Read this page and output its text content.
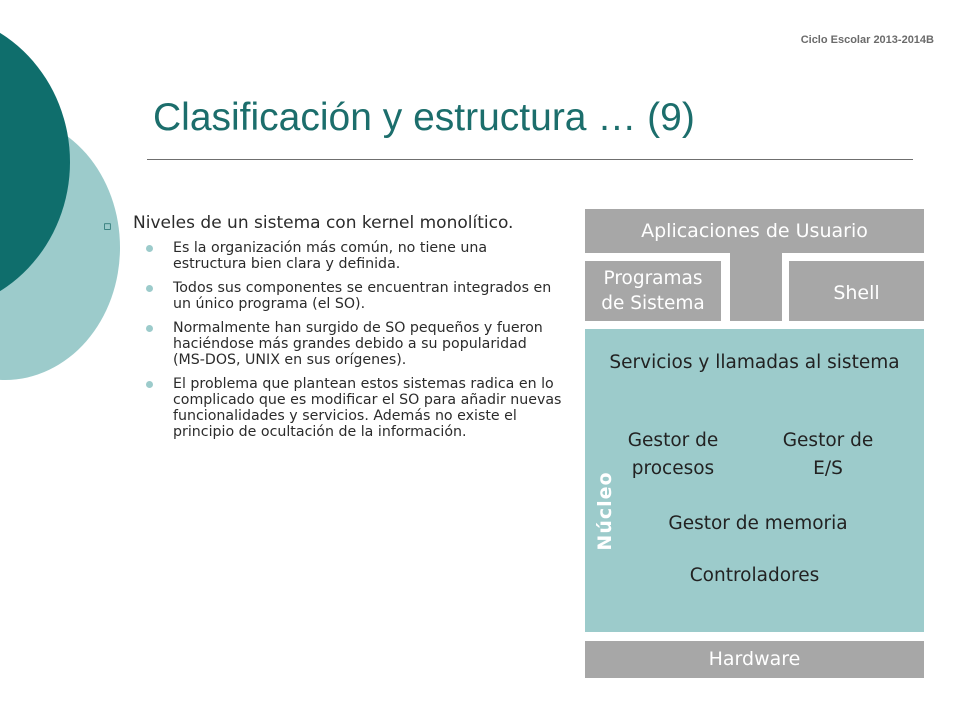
Ciclo Escolar 2013-2014B
Clasificación y estructura … (9)
▫ Niveles de un sistema con kernel monolítico.
Es la organización más común, no tiene una estructura bien clara y definida.
Todos sus componentes se encuentran integrados en un único programa (el SO).
Normalmente han surgido de SO pequeños y fueron haciéndose más grandes debido a su popularidad (MS-DOS, UNIX en sus orígenes).
El problema que plantean estos sistemas radica en lo complicado que es modificar el SO para añadir nuevas funcionalidades y servicios. Además no existe el principio de ocultación de la información.
Aplicaciones de Usuario
Programas
de Sistema	Shell
Servicios y llamadas al sistema
Gestor de
procesos
Gestor de
E/S
Gestor de memoria
Controladores
Núcleo
Hardware
